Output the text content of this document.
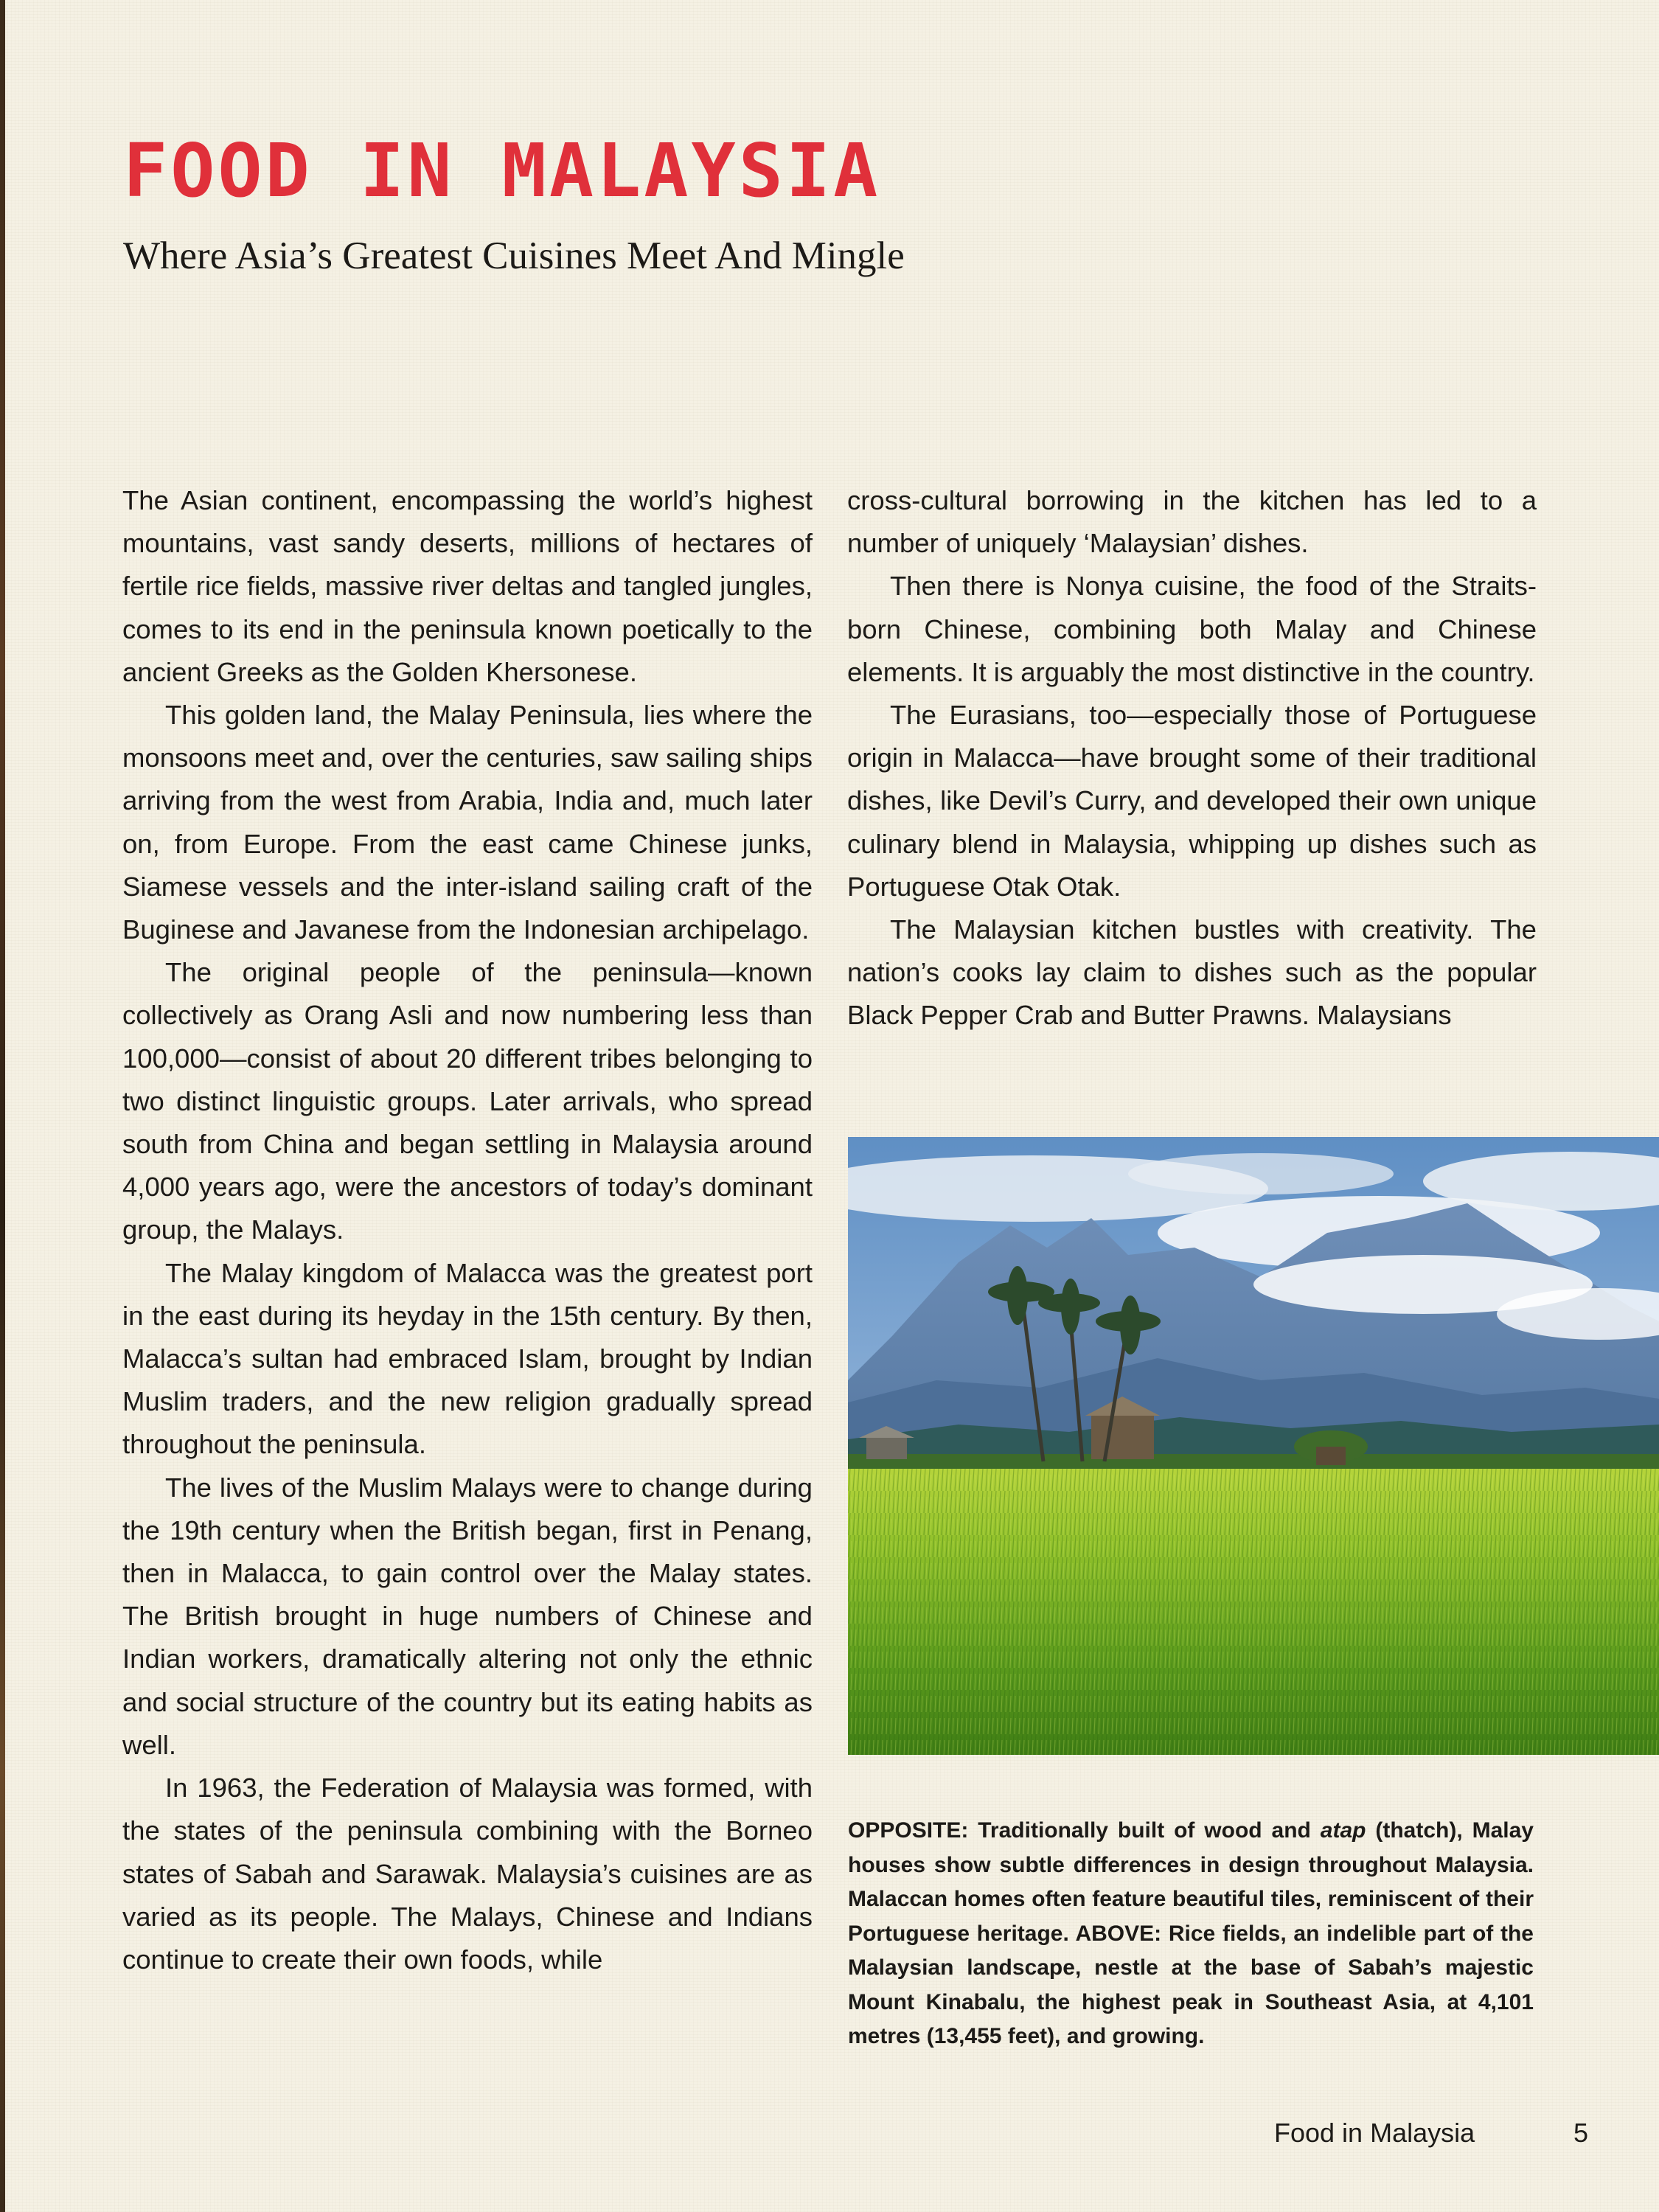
FOOD IN MALAYSIA
Where Asia’s Greatest Cuisines Meet And Mingle

The Asian continent, encompassing the world’s highest mountains, vast sandy deserts, millions of hectares of fertile rice fields, massive river deltas and tangled jungles, comes to its end in the peninsula known poetically to the ancient Greeks as the Golden Khersonese.

This golden land, the Malay Peninsula, lies where the monsoons meet and, over the centuries, saw sailing ships arriving from the west from Arabia, India and, much later on, from Europe. From the east came Chinese junks, Siamese vessels and the inter-island sailing craft of the Buginese and Javanese from the Indonesian archipelago.

The original people of the peninsula—known collectively as Orang Asli and now numbering less than 100,000—consist of about 20 different tribes belonging to two distinct linguistic groups. Later arrivals, who spread south from China and began settling in Malaysia around 4,000 years ago, were the ancestors of today’s dominant group, the Malays.

The Malay kingdom of Malacca was the greatest port in the east during its heyday in the 15th century. By then, Malacca’s sultan had embraced Islam, brought by Indian Muslim traders, and the new religion gradually spread throughout the peninsula.

The lives of the Muslim Malays were to change during the 19th century when the British began, first in Penang, then in Malacca, to gain control over the Malay states. The British brought in huge numbers of Chinese and Indian workers, dramatically altering not only the ethnic and social structure of the country but its eating habits as well.

In 1963, the Federation of Malaysia was formed, with the states of the peninsula combining with the Borneo states of Sabah and Sarawak. Malaysia’s cuisines are as varied as its people. The Malays, Chinese and Indians continue to create their own foods, while

cross-cultural borrowing in the kitchen has led to a number of uniquely ‘Malaysian’ dishes.

Then there is Nonya cuisine, the food of the Straits-born Chinese, combining both Malay and Chinese elements. It is arguably the most distinctive in the country.

The Eurasians, too—especially those of Portuguese origin in Malacca—have brought some of their traditional dishes, like Devil’s Curry, and developed their own unique culinary blend in Malaysia, whipping up dishes such as Portuguese Otak Otak.

The Malaysian kitchen bustles with creativity. The nation’s cooks lay claim to dishes such as the popular Black Pepper Crab and Butter Prawns. Malaysians

OPPOSITE: Traditionally built of wood and atap (thatch), Malay houses show subtle differences in design throughout Malaysia. Malaccan homes often feature beautiful tiles, reminiscent of their Portuguese heritage. ABOVE: Rice fields, an indelible part of the Malaysian landscape, nestle at the base of Sabah’s majestic Mount Kinabalu, the highest peak in Southeast Asia, at 4,101 metres (13,455 feet), and growing.
Food in Malaysia	5
